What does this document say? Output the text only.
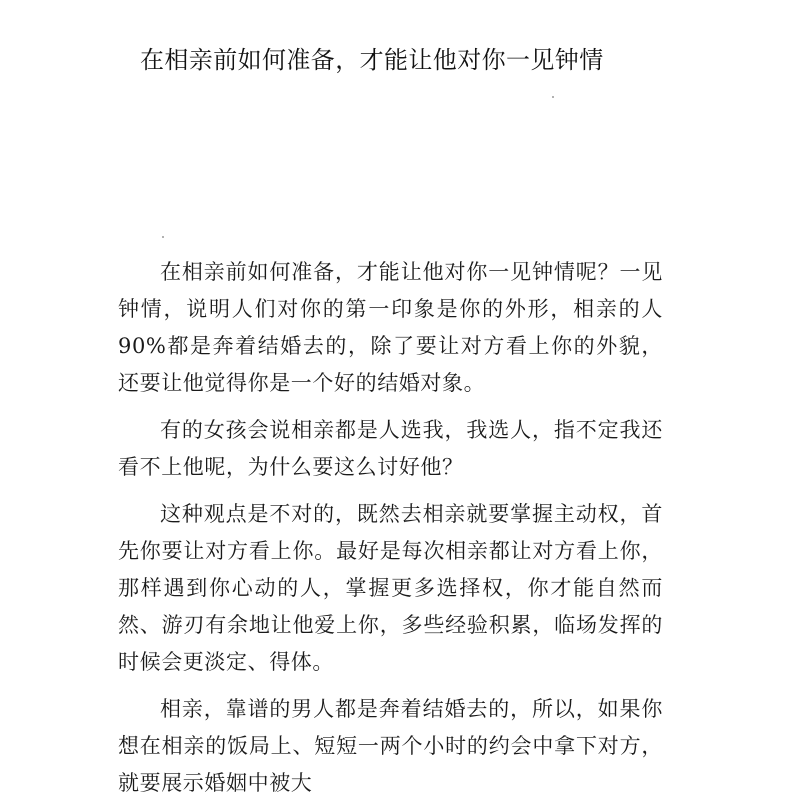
在相亲前如何准备，才能让他对你一见钟情

在相亲前如何准备，才能让他对你一见钟情呢？一见钟情，说明人们对你的第一印象是你的外形，相亲的人90%都是奔着结婚去的，除了要让对方看上你的外貌，还要让他觉得你是一个好的结婚对象。

有的女孩会说相亲都是人选我，我选人，指不定我还看不上他呢，为什么要这么讨好他？

这种观点是不对的，既然去相亲就要掌握主动权，首先你要让对方看上你。最好是每次相亲都让对方看上你，那样遇到你心动的人，掌握更多选择权，你才能自然而然、游刃有余地让他爱上你，多些经验积累，临场发挥的时候会更淡定、得体。

相亲，靠谱的男人都是奔着结婚去的，所以，如果你想在相亲的饭局上、短短一两个小时的约会中拿下对方，就要展示婚姻中被大
